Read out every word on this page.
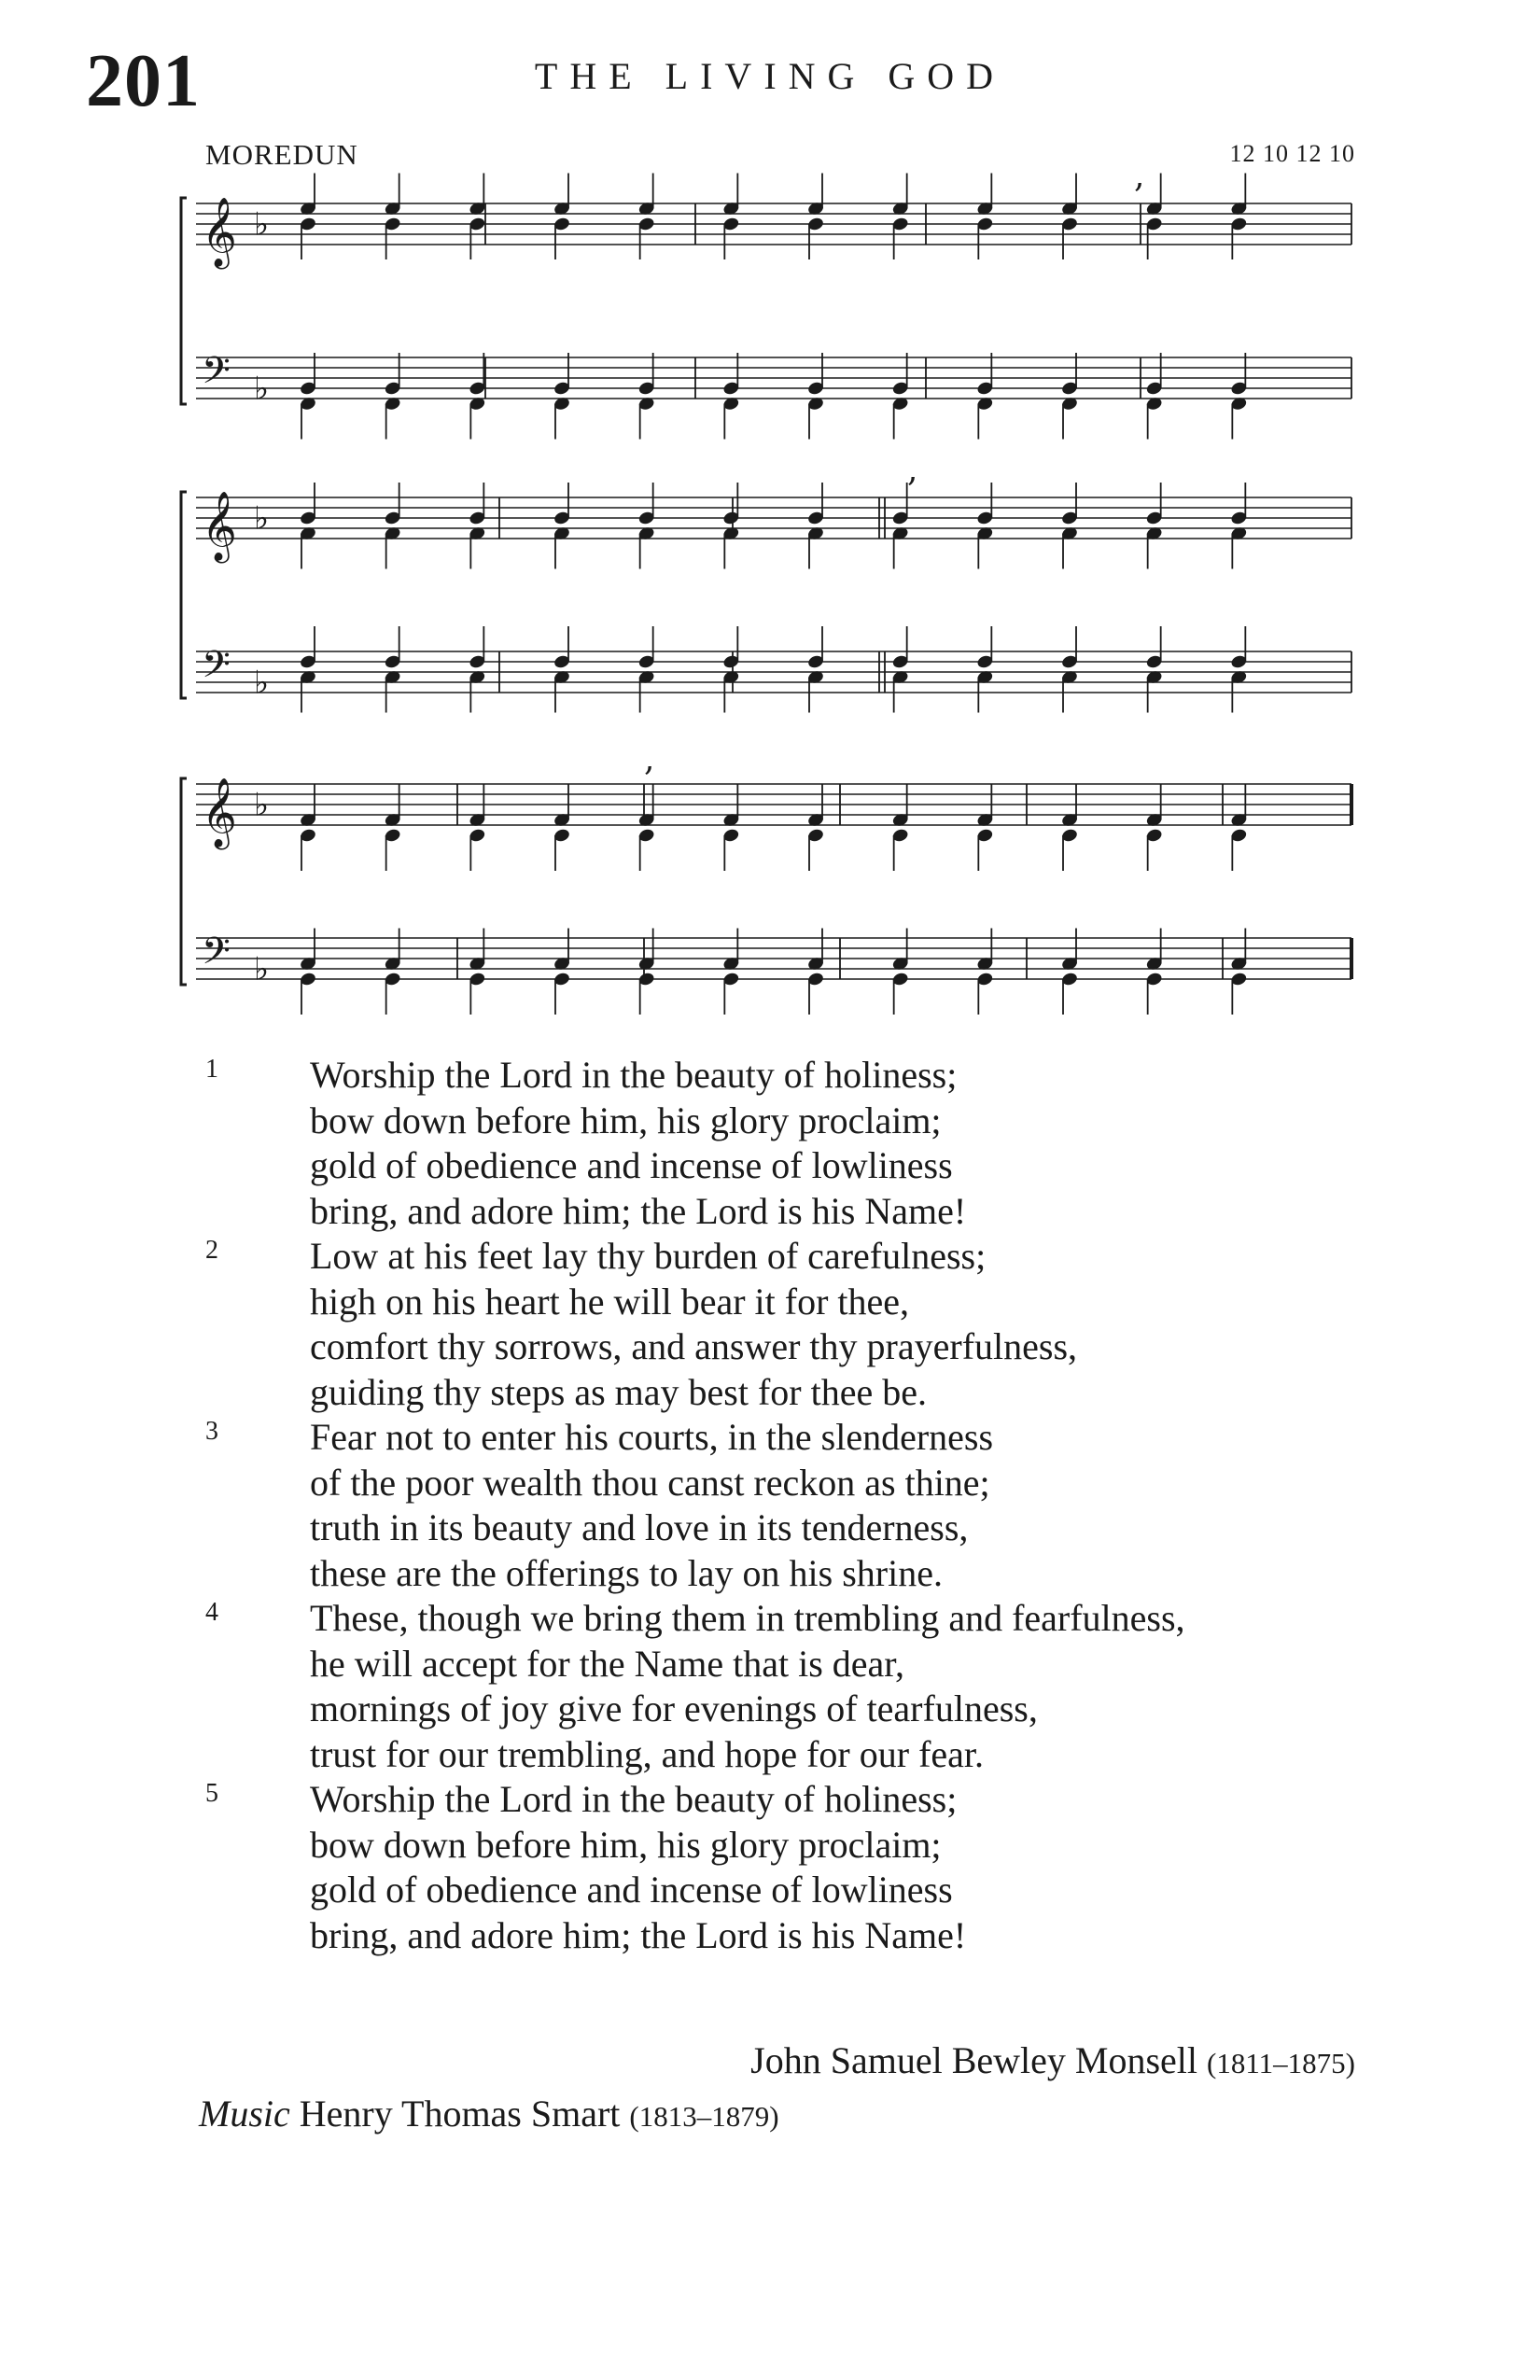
201	THE LIVING GOD
MOREDUN	12 10 12 10
𝄞 ♭
𝄢 ♭
𝄞 ♭
𝄢 ♭
𝄞 ♭
𝄢 ♭
,
,
,
1 Worship the Lord in the beauty of holiness;
bow down before him, his glory proclaim;
gold of obedience and incense of lowliness
bring, and adore him; the Lord is his Name!
2 Low at his feet lay thy burden of carefulness;
high on his heart he will bear it for thee,
comfort thy sorrows, and answer thy prayerfulness,
guiding thy steps as may best for thee be.
3 Fear not to enter his courts, in the slenderness
of the poor wealth thou canst reckon as thine;
truth in its beauty and love in its tenderness,
these are the offerings to lay on his shrine.
4 These, though we bring them in trembling and fearfulness,
he will accept for the Name that is dear,
mornings of joy give for evenings of tearfulness,
trust for our trembling, and hope for our fear.
5 Worship the Lord in the beauty of holiness;
bow down before him, his glory proclaim;
gold of obedience and incense of lowliness
bring, and adore him; the Lord is his Name!
John Samuel Bewley Monsell (1811–1875)
Music Henry Thomas Smart (1813–1879)
